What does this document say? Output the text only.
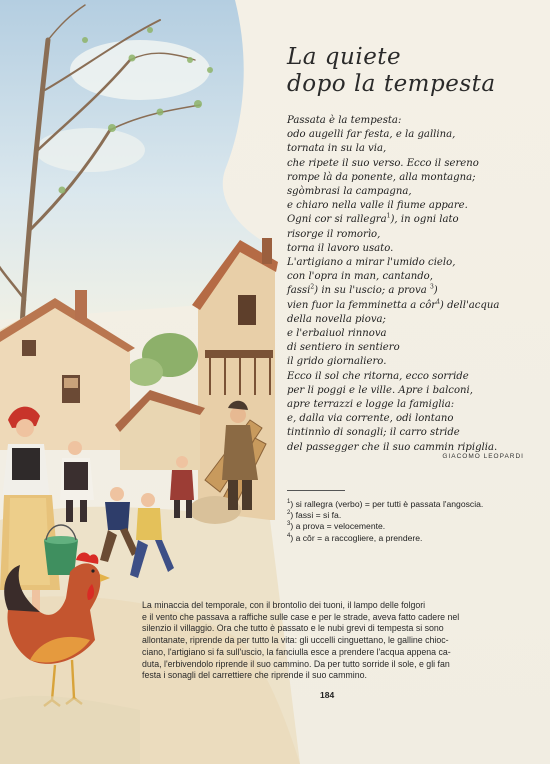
La quiete
dopo la tempesta
Passata è la tempesta:
odo augelli far festa, e la gallina,
tornata in su la via,
che ripete il suo verso. Ecco il sereno
rompe là da ponente, alla montagna;
sgòmbrasi la campagna,
e chiaro nella valle il fiume appare.
Ogni cor si rallegra$^1$), in ogni lato
risorge il romorìo,
torna il lavoro usato.
L'artigiano a mirar l'umido cielo,
con l'opra in man, cantando,
fassi$^2$) in su l'uscio; a prova $^3$)
vien fuor la femminetta a côr$^4$) dell'acqua
della novella piova;
e l'erbaiuol rinnova
di sentiero in sentiero
il grido giornaliero.
Ecco il sol che ritorna, ecco sorride
per li poggi e le ville. Apre i balconi,
apre terrazzi e logge la famiglia:
e, dalla via corrente, odi lontano
tintinnìo di sonagli; il carro stride
del passegger che il suo cammin ripiglia.
GIACOMO LEOPARDI
$^1$) si rallegra (verbo) = per tutti è passata l'angoscia.
$^2$) fassi = si fa.
$^3$) a prova = velocemente.
$^4$) a côr = a raccogliere, a prendere.
La minaccia del temporale, con il brontolìo dei tuoni, il lampo delle folgori
e il vento che passava a raffiche sulle case e per le strade, aveva fatto cadere nel
silenzio il villaggio. Ora che tutto è passato e le nubi grevi di tempesta si sono
allontanate, riprende da per tutto la vita: gli uccelli cinguettano, le galline chioc-
ciano, l'artigiano si fa sull'uscio, la fanciulla esce a prendere l'acqua appena ca-
duta, l'erbivendolo riprende il suo cammino. Da per tutto sorride il sole, e gli fan
festa i sonagli del carrettiere che riprende il suo cammino.
184
